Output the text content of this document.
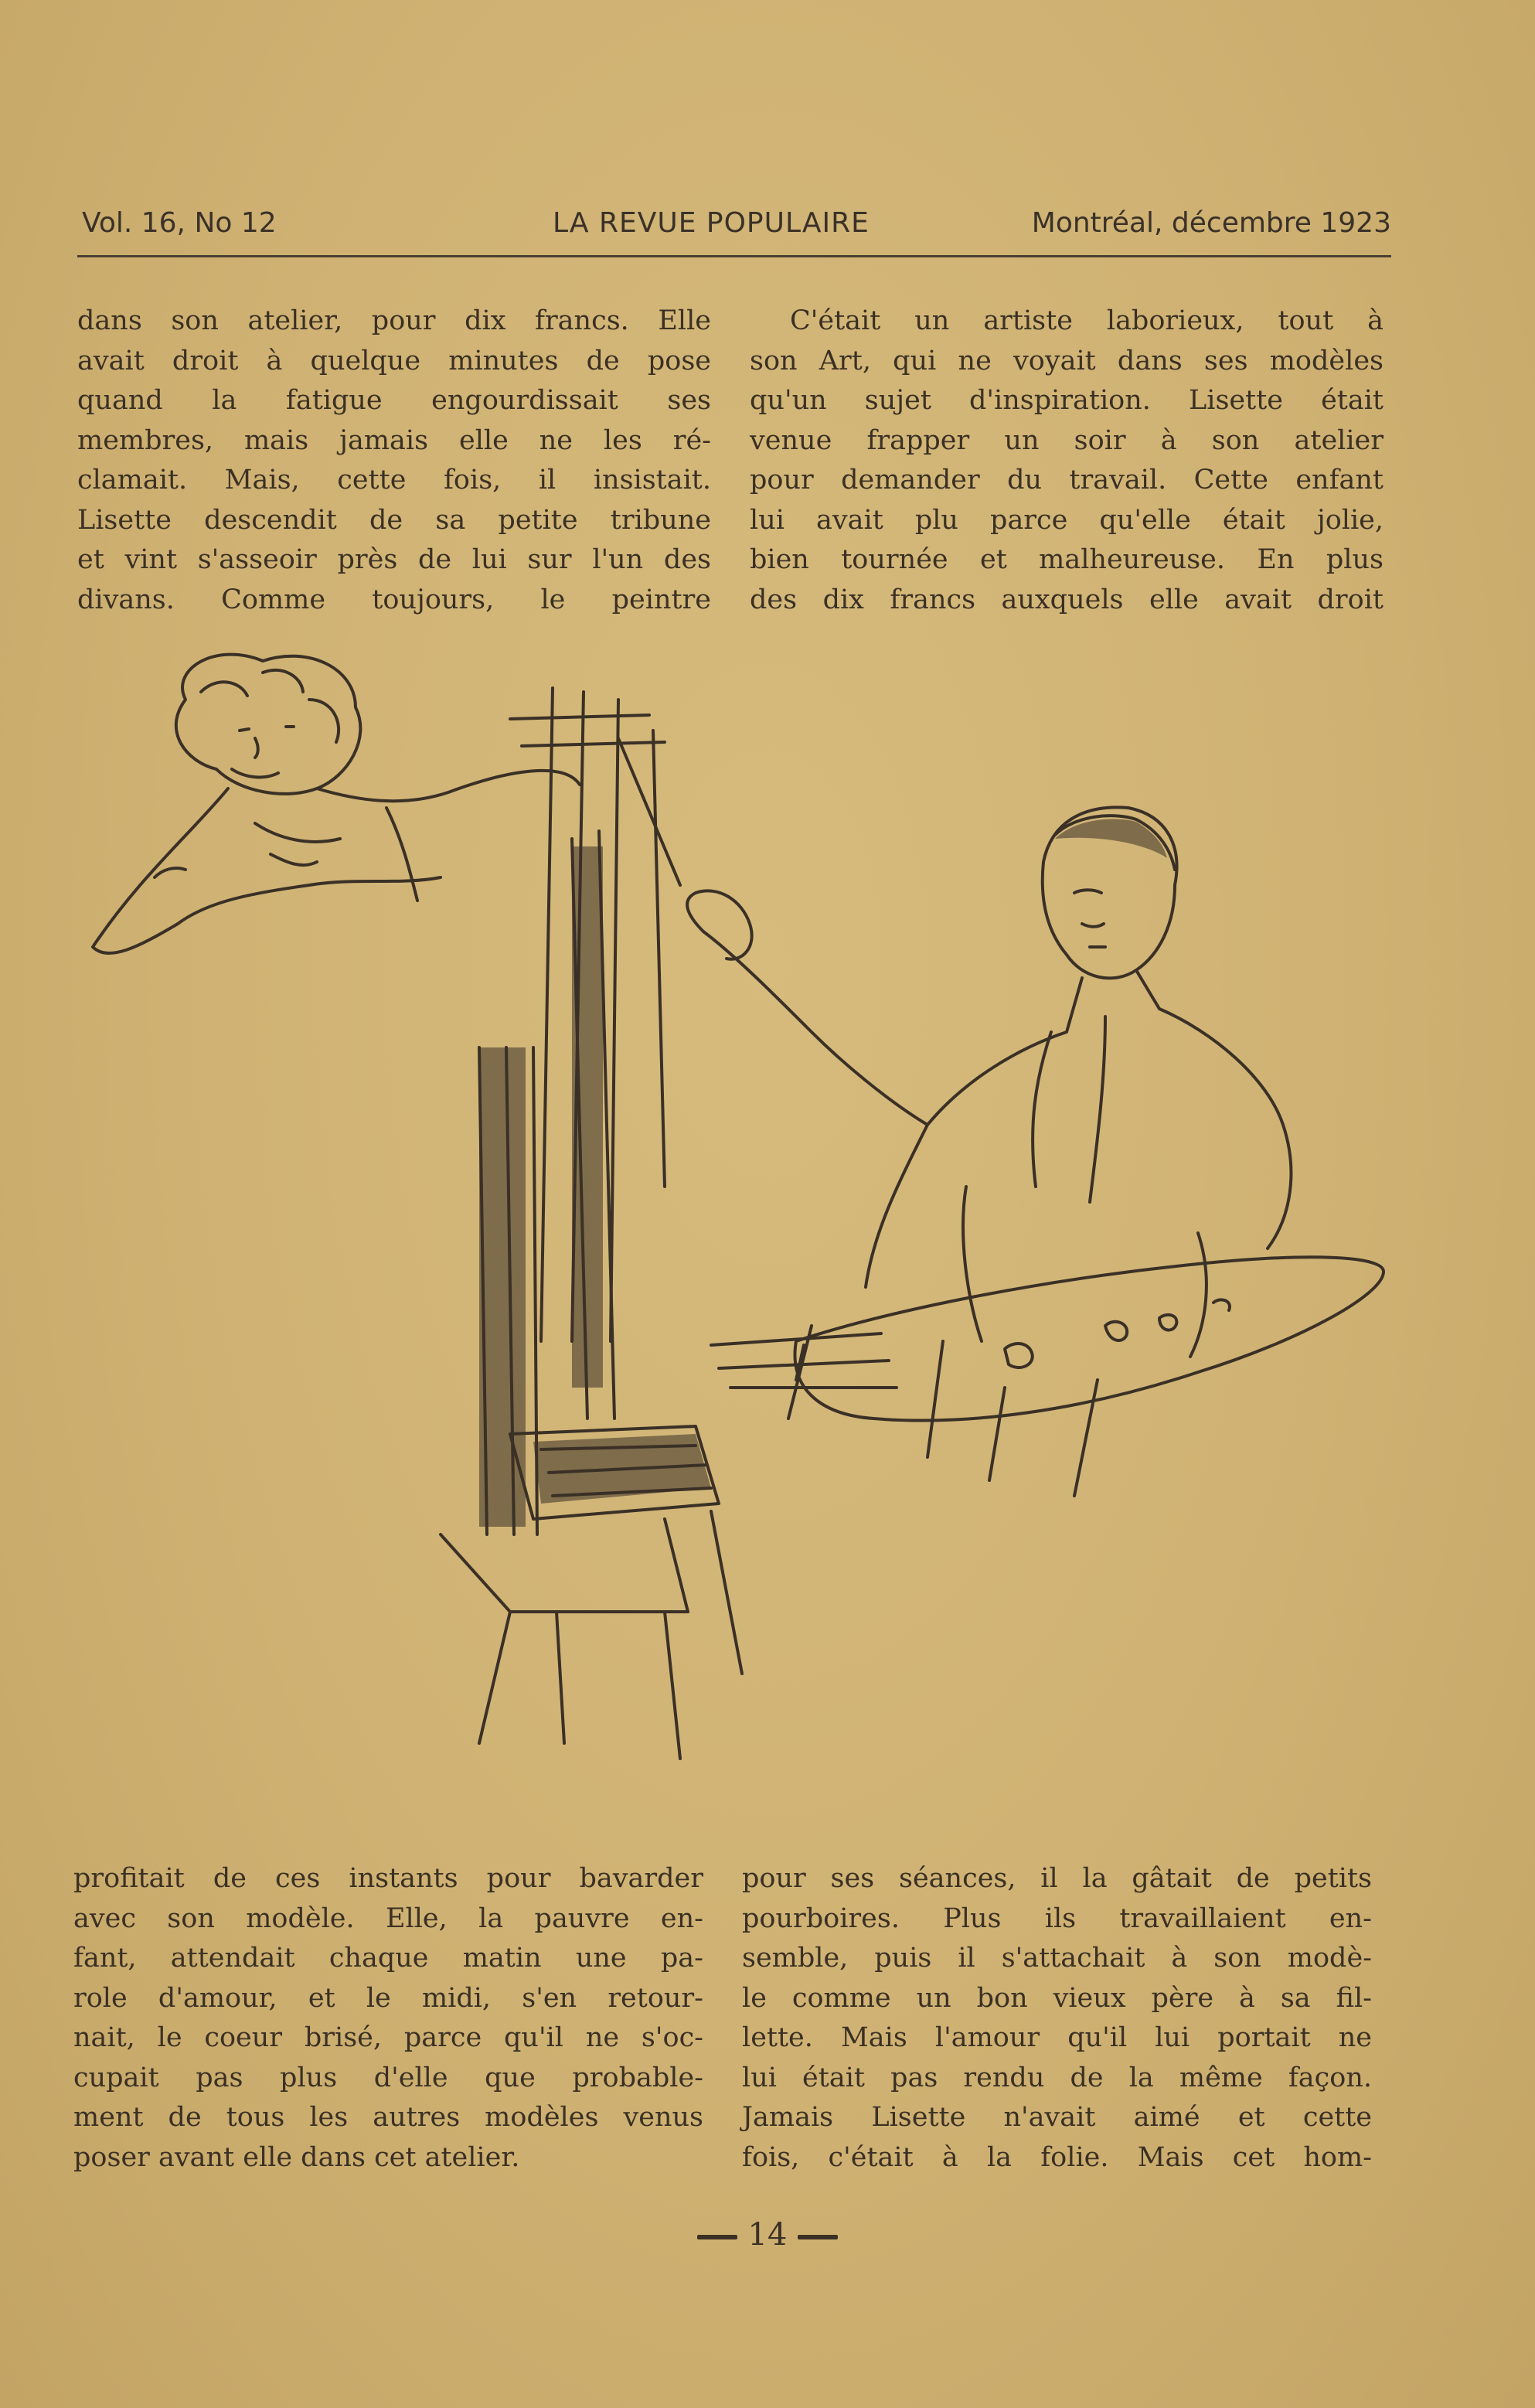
Vol. 16, No 12	LA REVUE POPULAIRE	Montréal, décembre 1923
dans son atelier, pour dix francs. Elle
avait droit à quelque minutes de pose
quand la fatigue engourdissait ses
membres, mais jamais elle ne les ré-
clamait. Mais, cette fois, il insistait.
Lisette descendit de sa petite tribune
et vint s'asseoir près de lui sur l'un des
divans. Comme toujours, le peintre
C'était un artiste laborieux, tout à
son Art, qui ne voyait dans ses modèles
qu'un sujet d'inspiration. Lisette était
venue frapper un soir à son atelier
pour demander du travail. Cette enfant
lui avait plu parce qu'elle était jolie,
bien tournée et malheureuse. En plus
des dix francs auxquels elle avait droit
profitait de ces instants pour bavarder
avec son modèle. Elle, la pauvre en-
fant, attendait chaque matin une pa-
role d'amour, et le midi, s'en retour-
nait, le coeur brisé, parce qu'il ne s'oc-
cupait pas plus d'elle que probable-
ment de tous les autres modèles venus
poser avant elle dans cet atelier.
pour ses séances, il la gâtait de petits
pourboires. Plus ils travaillaient en-
semble, puis il s'attachait à son modè-
le comme un bon vieux père à sa fil-
lette. Mais l'amour qu'il lui portait ne
lui était pas rendu de la même façon.
Jamais Lisette n'avait aimé et cette
fois, c'était à la folie. Mais cet hom-
14
